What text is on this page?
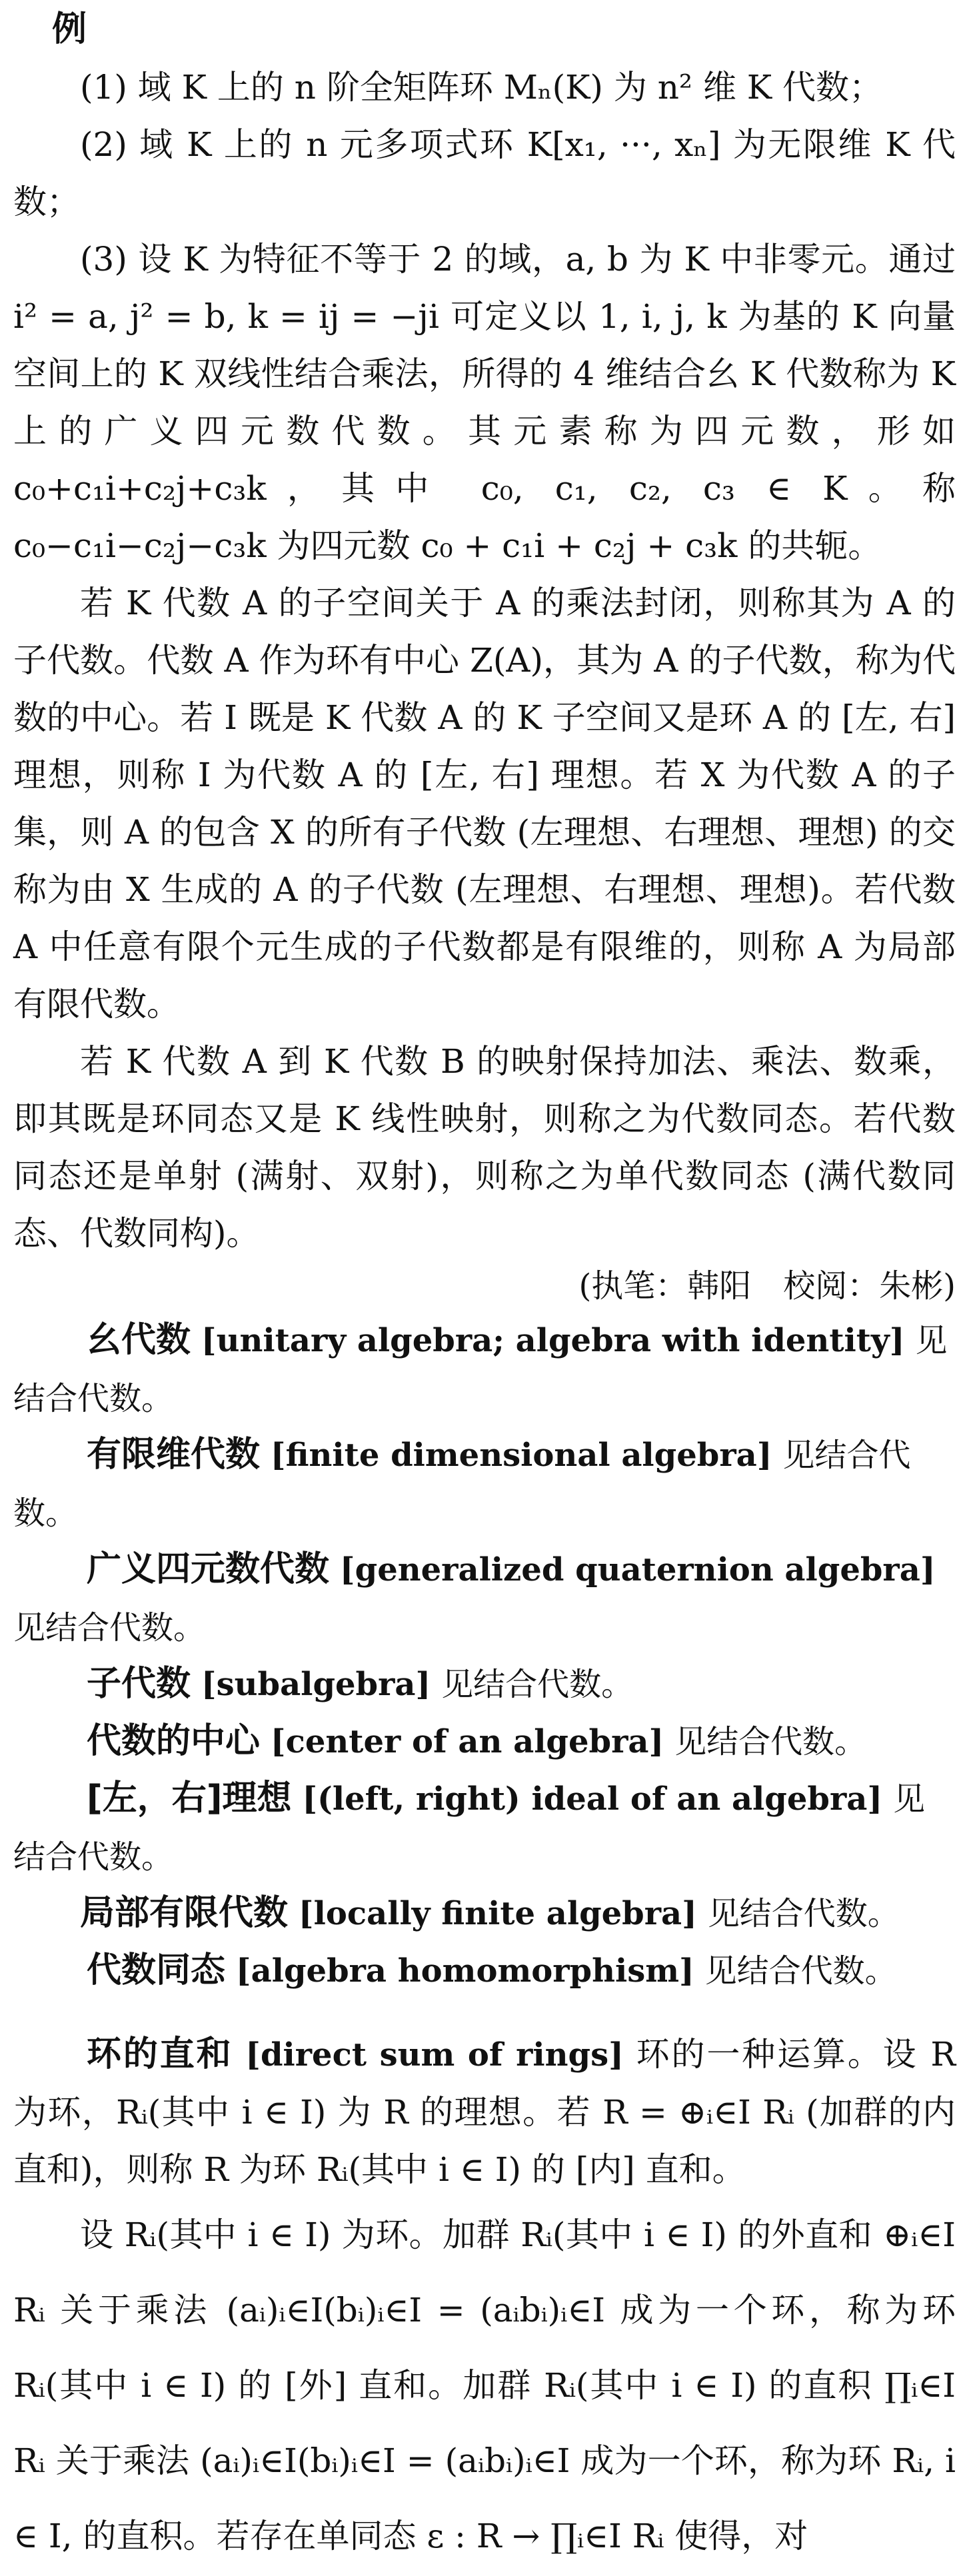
例

(1) 域 K 上的 n 阶全矩阵环 Mₙ(K) 为 n² 维 K 代数；

(2) 域 K 上的 n 元多项式环 K[x₁, ···, xₙ] 为无限维 K 代数；

(3) 设 K 为特征不等于 2 的域，a, b 为 K 中非零元。通过 i² = a, j² = b, k = ij = −ji 可定义以 1, i, j, k 为基的 K 向量空间上的 K 双线性结合乘法，所得的 4 维结合幺 K 代数称为 K 上的广义四元数代数。其元素称为四元数，形如 c₀+c₁i+c₂j+c₃k，其中 c₀, c₁, c₂, c₃ ∈ K。称 c₀−c₁i−c₂j−c₃k 为四元数 c₀ + c₁i + c₂j + c₃k 的共轭。

若 K 代数 A 的子空间关于 A 的乘法封闭，则称其为 A 的子代数。代数 A 作为环有中心 Z(A)，其为 A 的子代数，称为代数的中心。若 I 既是 K 代数 A 的 K 子空间又是环 A 的 [左, 右] 理想，则称 I 为代数 A 的 [左, 右] 理想。若 X 为代数 A 的子集，则 A 的包含 X 的所有子代数 (左理想、右理想、理想) 的交称为由 X 生成的 A 的子代数 (左理想、右理想、理想)。若代数 A 中任意有限个元生成的子代数都是有限维的，则称 A 为局部有限代数。

若 K 代数 A 到 K 代数 B 的映射保持加法、乘法、数乘，即其既是环同态又是 K 线性映射，则称之为代数同态。若代数同态还是单射 (满射、双射)，则称之为单代数同态 (满代数同态、代数同构)。

(执笔：韩阳　校阅：朱彬)
幺代数 [unitary algebra; algebra with identity] 见结合代数。
有限维代数 [finite dimensional algebra] 见结合代数。
广义四元数代数 [generalized quaternion algebra] 见结合代数。
子代数 [subalgebra] 见结合代数。
代数的中心 [center of an algebra] 见结合代数。
[左，右]理想 [(left, right) ideal of an algebra] 见结合代数。
局部有限代数 [locally finite algebra] 见结合代数。
代数同态 [algebra homomorphism] 见结合代数。
环的直和 [direct sum of rings] 环的一种运算。设 R 为环，Rᵢ(其中 i ∈ I) 为 R 的理想。若 R = ⊕ᵢ∈I Rᵢ (加群的内直和)，则称 R 为环 Rᵢ(其中 i ∈ I) 的 [内] 直和。

设 Rᵢ(其中 i ∈ I) 为环。加群 Rᵢ(其中 i ∈ I) 的外直和 ⊕ᵢ∈I Rᵢ 关于乘法 (aᵢ)ᵢ∈I(bᵢ)ᵢ∈I = (aᵢbᵢ)ᵢ∈I 成为一个环，称为环 Rᵢ(其中 i ∈ I) 的 [外] 直和。加群 Rᵢ(其中 i ∈ I) 的直积 ∏ᵢ∈I Rᵢ 关于乘法 (aᵢ)ᵢ∈I(bᵢ)ᵢ∈I = (aᵢbᵢ)ᵢ∈I 成为一个环，称为环 Rᵢ, i ∈ I, 的直积。若存在单同态 ε : R → ∏ᵢ∈I Rᵢ 使得，对
